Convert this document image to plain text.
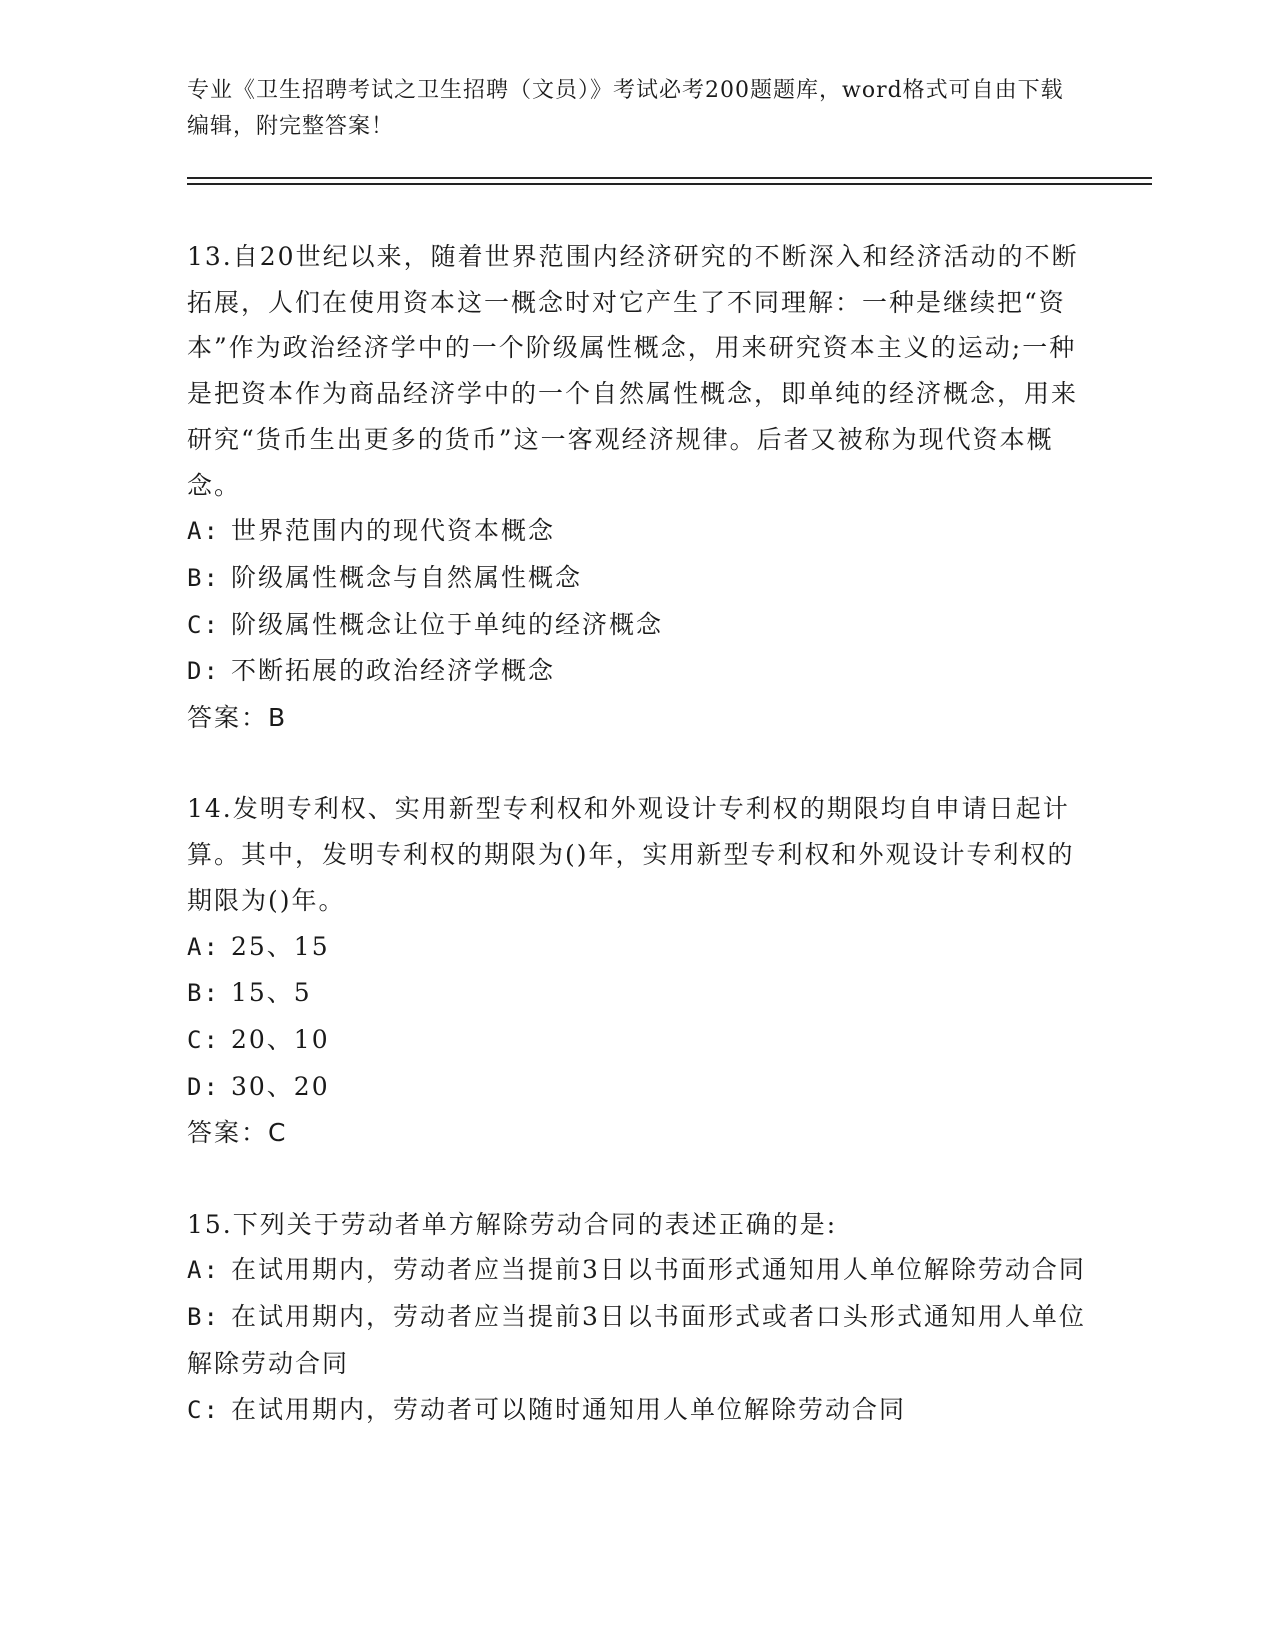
专业《卫生招聘考试之卫生招聘（文员）》考试必考200题题库，word格式可自由下载编辑，附完整答案！

13.自20世纪以来，随着世界范围内经济研究的不断深入和经济活动的不断拓展，人们在使用资本这一概念时对它产生了不同理解：一种是继续把“资本”作为政治经济学中的一个阶级属性概念，用来研究资本主义的运动;一种是把资本作为商品经济学中的一个自然属性概念，即单纯的经济概念，用来研究“货币生出更多的货币”这一客观经济规律。后者又被称为现代资本概念。

A: 世界范围内的现代资本概念

B: 阶级属性概念与自然属性概念

C: 阶级属性概念让位于单纯的经济概念

D: 不断拓展的政治经济学概念

答案：B

14.发明专利权、实用新型专利权和外观设计专利权的期限均自申请日起计算。其中，发明专利权的期限为()年，实用新型专利权和外观设计专利权的期限为()年。

A: 25、15

B: 15、5

C: 20、10

D: 30、20

答案：C

15.下列关于劳动者单方解除劳动合同的表述正确的是:

A: 在试用期内，劳动者应当提前3日以书面形式通知用人单位解除劳动合同

B: 在试用期内，劳动者应当提前3日以书面形式或者口头形式通知用人单位解除劳动合同

C: 在试用期内，劳动者可以随时通知用人单位解除劳动合同
